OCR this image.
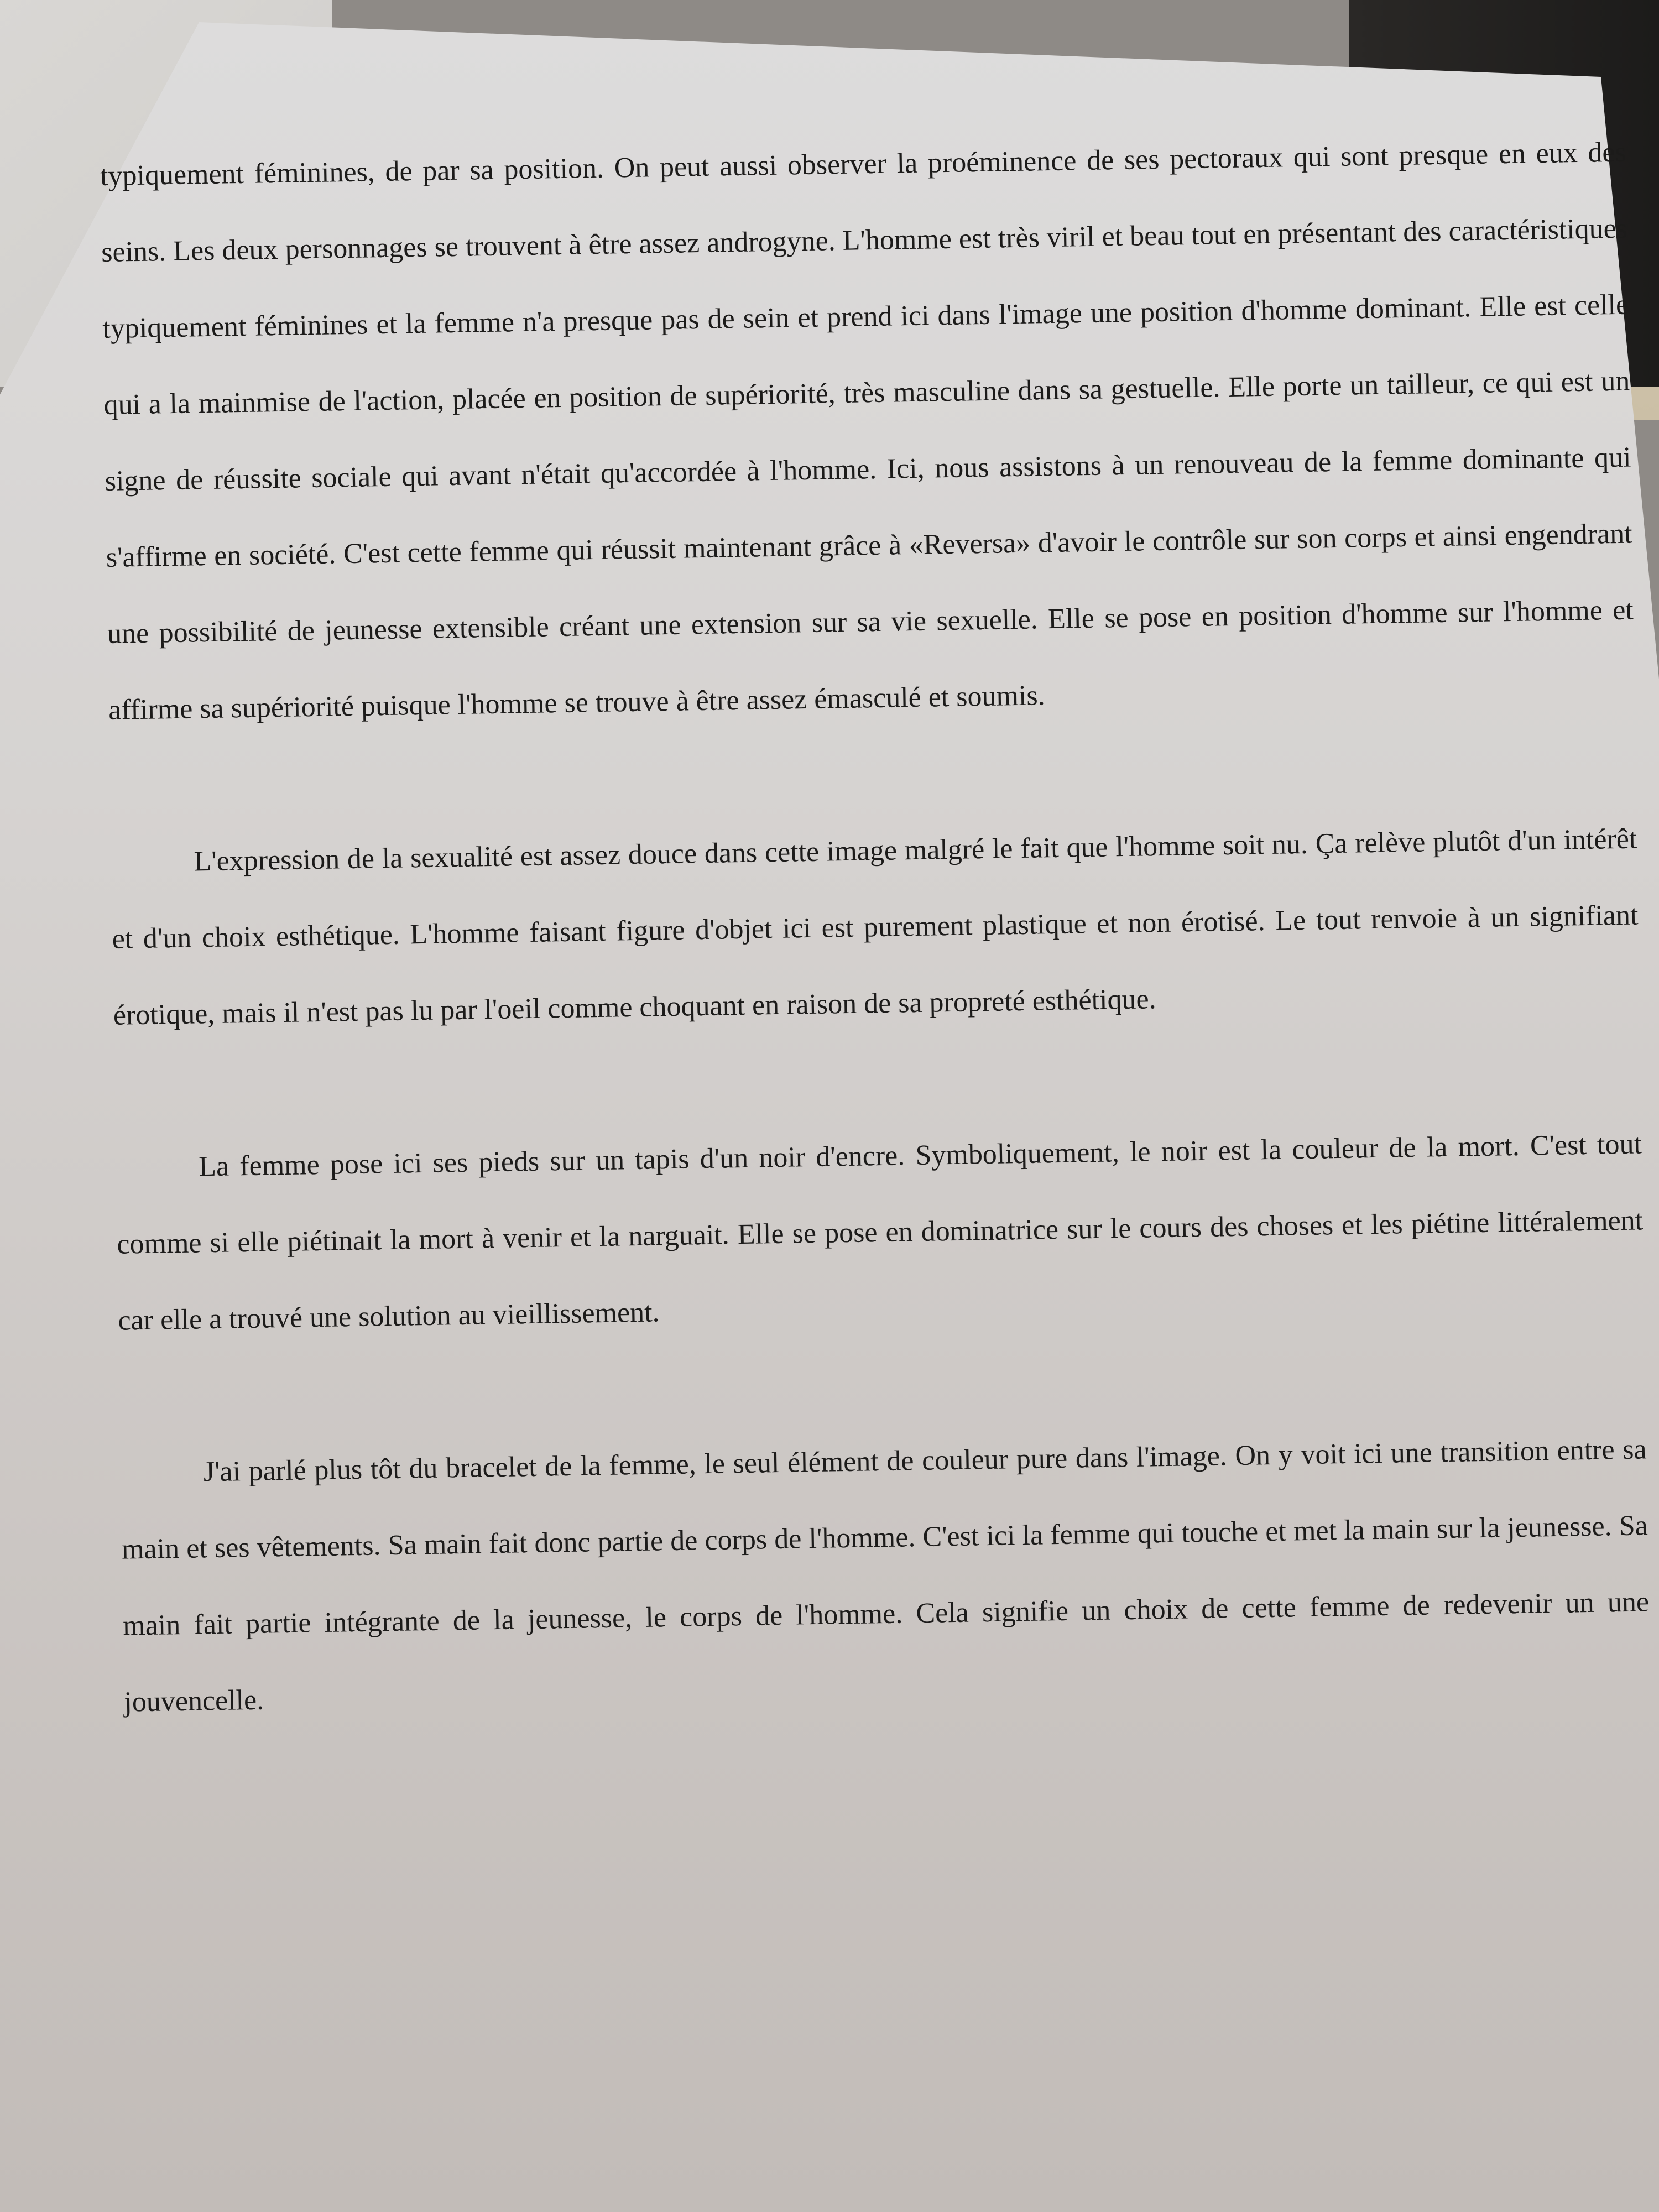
typiquement féminines, de par sa position. On peut aussi observer la proéminence de ses pectoraux qui sont presque en eux des seins. Les deux personnages se trouvent à être assez androgyne. L'homme est très viril et beau tout en présentant des caractéristiques typiquement féminines et la femme n'a presque pas de sein et prend ici dans l'image une position d'homme dominant. Elle est celle qui a la mainmise de l'action, placée en position de supériorité, très masculine dans sa gestuelle. Elle porte un tailleur, ce qui est un signe de réussite sociale qui avant n'était qu'accordée à l'homme. Ici, nous assistons à un renouveau de la femme dominante qui s'affirme en société. C'est cette femme qui réussit maintenant grâce à «Reversa» d'avoir le contrôle sur son corps et ainsi engendrant une possibilité de jeunesse extensible créant une extension sur sa vie sexuelle. Elle se pose en position d'homme sur l'homme et affirme sa supériorité puisque l'homme se trouve à être assez émasculé et soumis.

L'expression de la sexualité est assez douce dans cette image malgré le fait que l'homme soit nu. Ça relève plutôt d'un intérêt et d'un choix esthétique. L'homme faisant figure d'objet ici est purement plastique et non érotisé. Le tout renvoie à un signifiant érotique, mais il n'est pas lu par l'oeil comme choquant en raison de sa propreté esthétique.

La femme pose ici ses pieds sur un tapis d'un noir d'encre. Symboliquement, le noir est la couleur de la mort. C'est tout comme si elle piétinait la mort à venir et la narguait. Elle se pose en dominatrice sur le cours des choses et les piétine littéralement car elle a trouvé une solution au vieillissement.

J'ai parlé plus tôt du bracelet de la femme, le seul élément de couleur pure dans l'image. On y voit ici une transition entre sa main et ses vêtements. Sa main fait donc partie de corps de l'homme. C'est ici la femme qui touche et met la main sur la jeunesse. Sa main fait partie intégrante de la jeunesse, le corps de l'homme. Cela signifie un choix de cette femme de redevenir un une jouvencelle.
